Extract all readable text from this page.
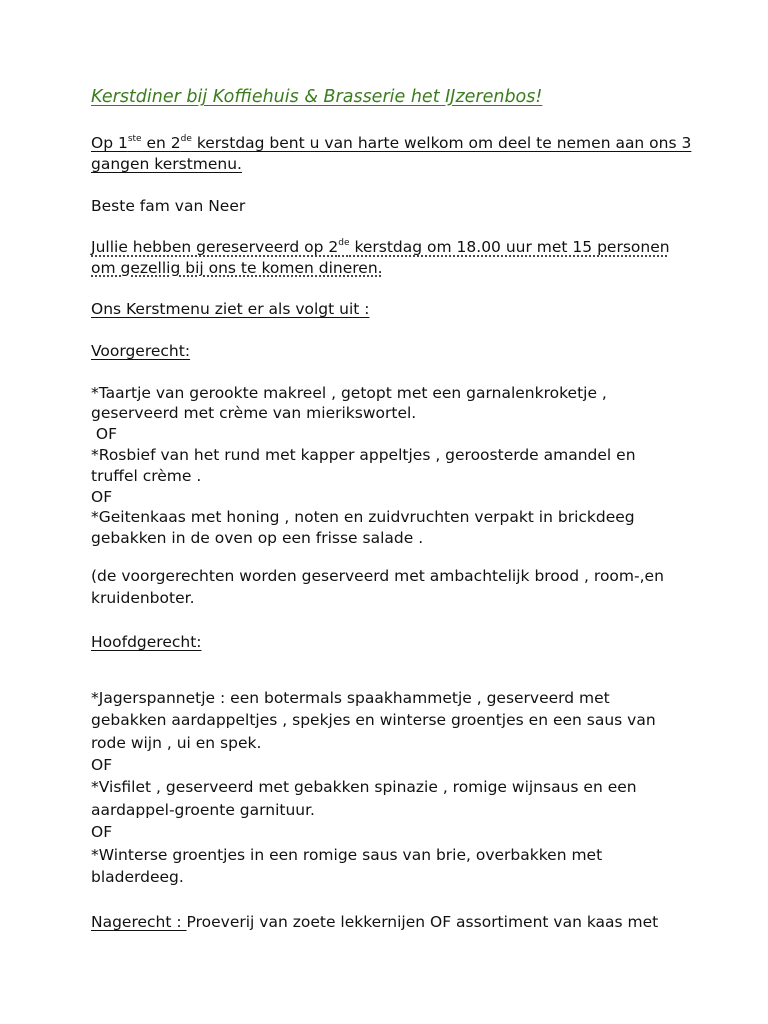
Kerstdiner bij Koffiehuis & Brasserie het IJzerenbos!
Op 1ste en 2de kerstdag bent u van harte welkom om deel te nemen aan ons 3
gangen kerstmenu.
Beste fam van Neer
Jullie hebben gereserveerd op 2de kerstdag om 18.00 uur met 15 personen
om gezellig bij ons te komen dineren.
Ons Kerstmenu ziet er als volgt uit :
Voorgerecht:
*Taartje van gerookte makreel , getopt met een garnalenkroketje ,
geserveerd met crème van mierikswortel.
OF
*Rosbief van het rund met kapper appeltjes , geroosterde amandel en
truffel crème .
OF
*Geitenkaas met honing , noten en zuidvruchten verpakt in brickdeeg
gebakken in de oven op een frisse salade .
(de voorgerechten worden geserveerd met ambachtelijk brood , room-,en
kruidenboter.
Hoofdgerecht:
*Jagerspannetje : een botermals spaakhammetje , geserveerd met
gebakken aardappeltjes , spekjes en winterse groentjes en een saus van
rode wijn , ui en spek.
OF
*Visfilet , geserveerd met gebakken spinazie , romige wijnsaus en een
aardappel-groente garnituur.
OF
*Winterse groentjes in een romige saus van brie, overbakken met
bladerdeeg.
Nagerecht : Proeverij van zoete lekkernijen OF assortiment van kaas met
